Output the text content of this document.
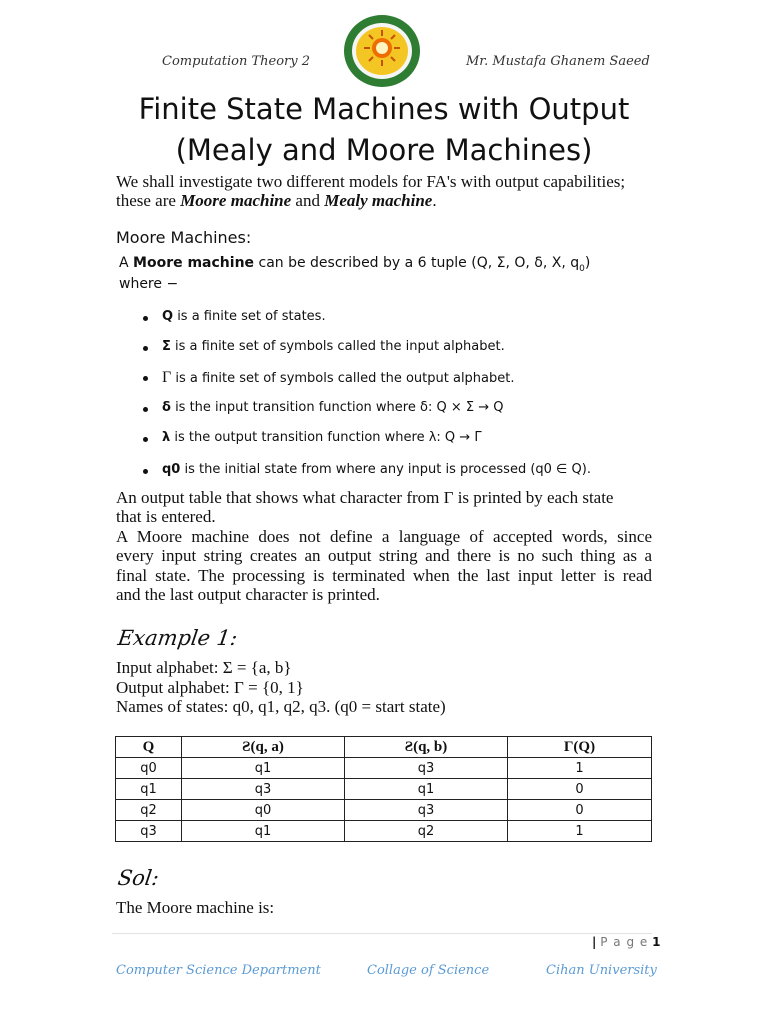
Computation Theory 2	Mr. Mustafa Ghanem Saeed
Finite State Machines with Output
(Mealy and Moore Machines)
We shall investigate two different models for FA's with output capabilities;
these are Moore machine and Mealy machine.
Moore Machines:
A Moore machine can be described by a 6 tuple (Q, Σ, O, δ, X, $q_0$)
where −
Q is a finite set of states.
Σ is a finite set of symbols called the input alphabet.
Γ is a finite set of symbols called the output alphabet.
δ is the input transition function where δ: Q × Σ → Q
λ is the output transition function where λ: Q → Γ
q0 is the initial state from where any input is processed (q0 ∈ Q).
An output table that shows what character from Γ is printed by each state
that is entered.
A Moore machine does not define a language of accepted words, since
every input string creates an output string and there is no such thing as a
final state. The processing is terminated when the last input letter is read
and the last output character is printed.
Example 1:
Input alphabet: Σ = {a, b}
Output alphabet: Γ = {0, 1}
Names of states: q0, q1, q2, q3. (q0 = start state)
Q	Ƨ(q, a)	Ƨ(q, b)	Γ(Q)
q0	q1	q3	1
q1	q3	q1	0
q2	q0	q3	0
q3	q1	q2	1
Sol:
The Moore machine is:
| P a g e 1
Computer Science Department	Collage of Science	Cihan University
